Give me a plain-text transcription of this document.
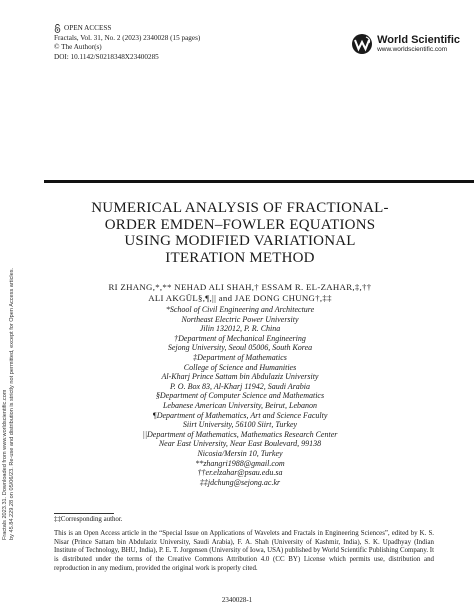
OPEN ACCESS
Fractals, Vol. 31, No. 2 (2023) 2340028 (15 pages)
© The Author(s)
DOI: 10.1142/S0218348X23400285
World Scientific
www.worldscientific.com
Fractals 2023.31. Downloaded from www.worldscientific.com by 45.84.229.28 on 05/06/23. Re-use and distribution is strictly not permitted, except for Open Access articles.
NUMERICAL ANALYSIS OF FRACTIONAL-
ORDER EMDEN–FOWLER EQUATIONS
USING MODIFIED VARIATIONAL
ITERATION METHOD
RI ZHANG,*,** NEHAD ALI SHAH,† ESSAM R. EL-ZAHAR,‡,††
ALI AKGÜL§,¶,|| and JAE DONG CHUNG†,‡‡
*School of Civil Engineering and Architecture
Northeast Electric Power University
Jilin 132012, P. R. China
†Department of Mechanical Engineering
Sejong University, Seoul 05006, South Korea
‡Department of Mathematics
College of Science and Humanities
Al-Kharj Prince Sattam bin Abdulaziz University
P. O. Box 83, Al-Kharj 11942, Saudi Arabia
§Department of Computer Science and Mathematics
Lebanese American University, Beirut, Lebanon
¶Department of Mathematics, Art and Science Faculty
Siirt University, 56100 Siirt, Turkey
||Department of Mathematics, Mathematics Research Center
Near East University, Near East Boulevard, 99138
Nicosia/Mersin 10, Turkey
**zhangri1988@gmail.com
††er.elzahar@psau.edu.sa
‡‡jdchung@sejong.ac.kr

‡‡Corresponding author.

This is an Open Access article in the “Special Issue on Applications of Wavelets and Fractals in Engineering Sciences”, edited by K. S. Nisar (Prince Sattam bin Abdulaziz University, Saudi Arabia), F. A. Shah (University of Kashmir, India), S. K. Upadhyay (Indian Institute of Technology, BHU, India), P. E. T. Jorgensen (University of Iowa, USA) published by World Scientific Publishing Company. It is distributed under the terms of the Creative Commons Attribution 4.0 (CC BY) License which permits use, distribution and reproduction in any medium, provided the original work is properly cited.

2340028-1
